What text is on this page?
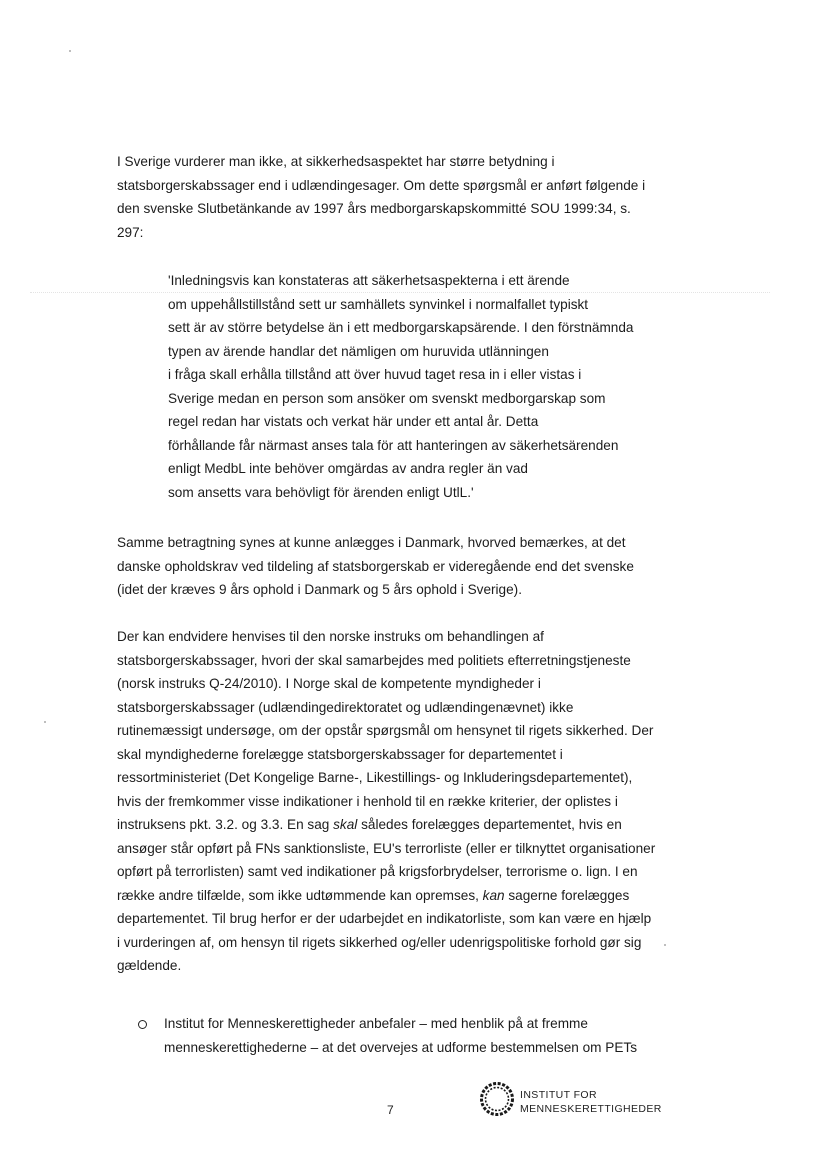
I Sverige vurderer man ikke, at sikkerhedsaspektet har større betydning i
statsborgerskabssager end i udlændingesager. Om dette spørgsmål er anført følgende i
den svenske Slutbetänkande av 1997 års medborgarskapskommitté SOU 1999:34, s.
297:

'Inledningsvis kan konstateras att säkerhetsaspekterna i ett ärende
om uppehållstillstånd sett ur samhällets synvinkel i normalfallet typiskt
sett är av större betydelse än i ett medborgarskapsärende. I den förstnämnda
typen av ärende handlar det nämligen om huruvida utlänningen
i fråga skall erhålla tillstånd att över huvud taget resa in i eller vistas i
Sverige medan en person som ansöker om svenskt medborgarskap som
regel redan har vistats och verkat här under ett antal år. Detta
förhållande får närmast anses tala för att hanteringen av säkerhetsärenden
enligt MedbL inte behöver omgärdas av andra regler än vad
som ansetts vara behövligt för ärenden enligt UtlL.'

Samme betragtning synes at kunne anlægges i Danmark, hvorved bemærkes, at det
danske opholdskrav ved tildeling af statsborgerskab er videregående end det svenske
(idet der kræves 9 års ophold i Danmark og 5 års ophold i Sverige).

Der kan endvidere henvises til den norske instruks om behandlingen af
statsborgerskabssager, hvori der skal samarbejdes med politiets efterretningstjeneste
(norsk instruks Q-24/2010). I Norge skal de kompetente myndigheder i
statsborgerskabssager (udlændingedirektoratet og udlændingenævnet) ikke
rutinemæssigt undersøge, om der opstår spørgsmål om hensynet til rigets sikkerhed. Der
skal myndighederne forelægge statsborgerskabssager for departementet i
ressortministeriet (Det Kongelige Barne-, Likestillings- og Inkluderingsdepartementet),
hvis der fremkommer visse indikationer i henhold til en række kriterier, der oplistes i
instruksens pkt. 3.2. og 3.3. En sag skal således forelægges departementet, hvis en
ansøger står opført på FNs sanktionsliste, EU's terrorliste (eller er tilknyttet organisationer
opført på terrorlisten) samt ved indikationer på krigsforbrydelser, terrorisme o. lign. I en
række andre tilfælde, som ikke udtømmende kan opremses, kan sagerne forelægges
departementet. Til brug herfor er der udarbejdet en indikatorliste, som kan være en hjælp
i vurderingen af, om hensyn til rigets sikkerhed og/eller udenrigspolitiske forhold gør sig
gældende.

Institut for Menneskerettigheder anbefaler – med henblik på at fremme
menneskerettighederne – at det overvejes at udforme bestemmelsen om PETs
7
INSTITUT FOR
MENNESKERETTIGHEDER
